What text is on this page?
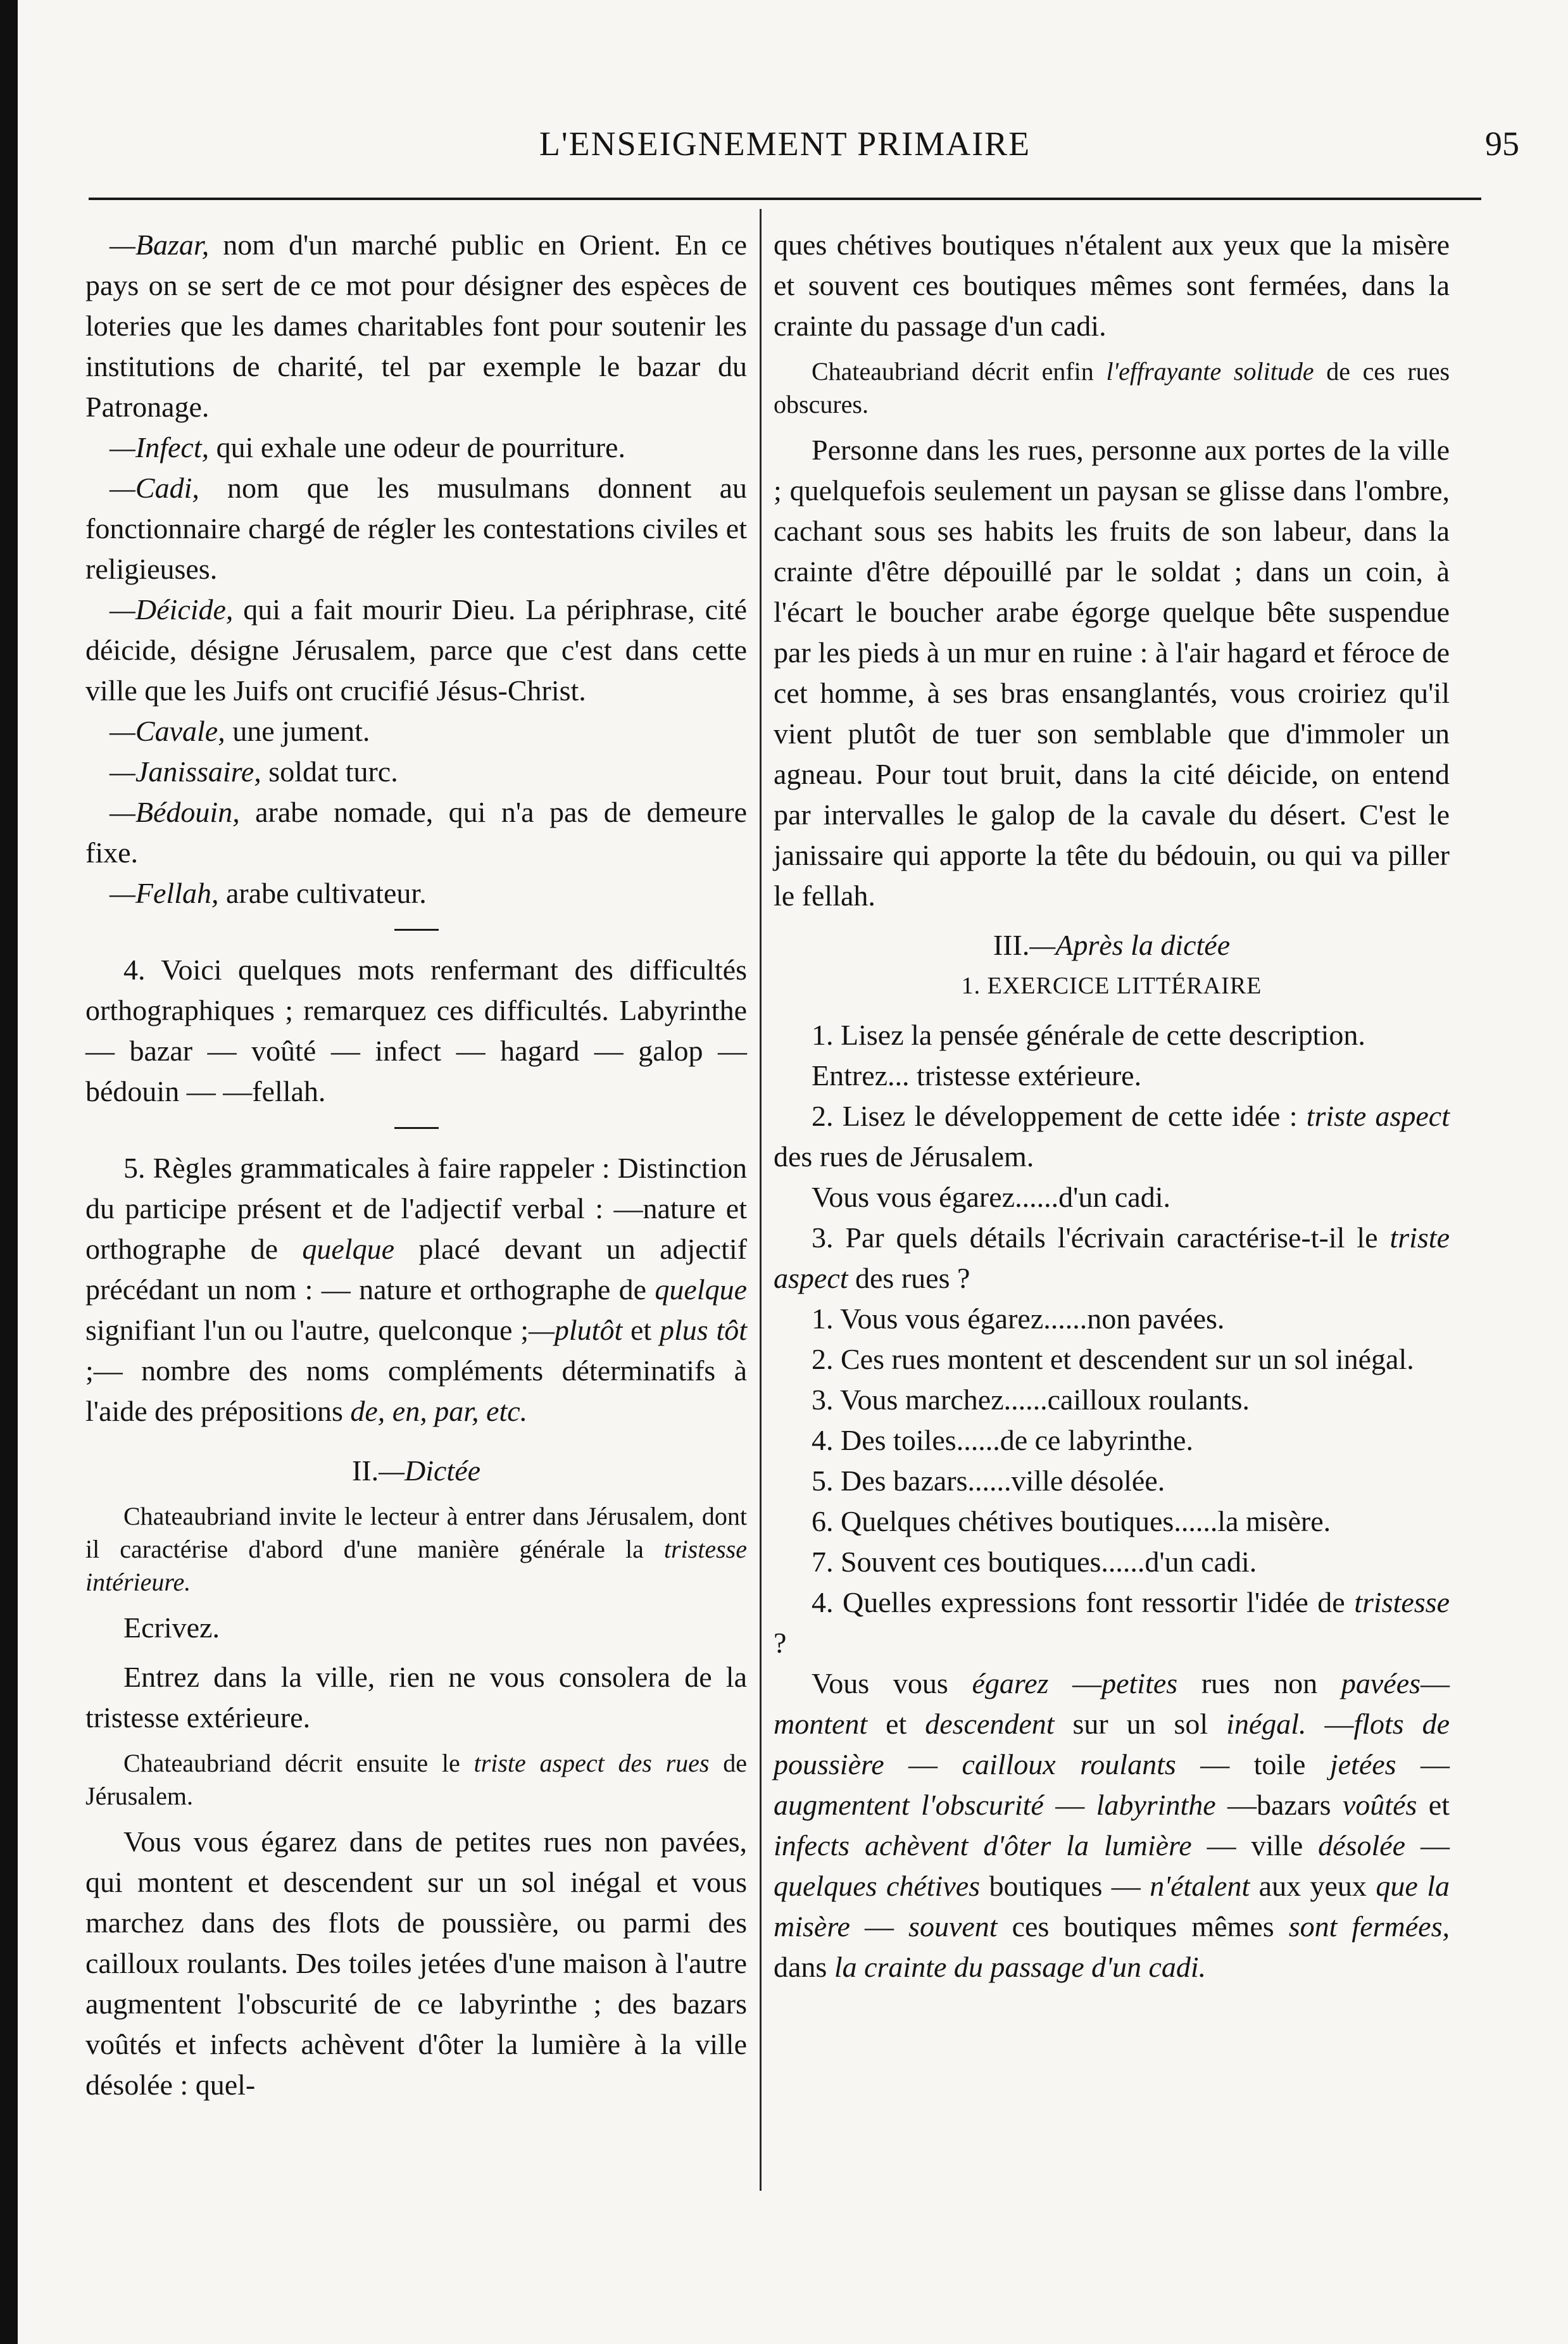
L'ENSEIGNEMENT PRIMAIRE	95

—Bazar, nom d'un marché public en Orient. En ce pays on se sert de ce mot pour désigner des espèces de loteries que les dames charitables font pour soutenir les institutions de charité, tel par exemple le bazar du Patronage.

—Infect, qui exhale une odeur de pourriture.

—Cadi, nom que les musulmans donnent au fonctionnaire chargé de régler les contestations civiles et religieuses.

—Déicide, qui a fait mourir Dieu. La périphrase, cité déicide, désigne Jérusalem, parce que c'est dans cette ville que les Juifs ont crucifié Jésus-Christ.

—Cavale, une jument.

—Janissaire, soldat turc.

—Bédouin, arabe nomade, qui n'a pas de demeure fixe.

—Fellah, arabe cultivateur.

4. Voici quelques mots renfermant des difficultés orthographiques ; remarquez ces difficultés. Labyrinthe — bazar — voûté — infect — hagard — galop — bédouin — —fellah.

5. Règles grammaticales à faire rappeler : Distinction du participe présent et de l'adjectif verbal : —nature et orthographe de quelque placé devant un adjectif précédant un nom : — nature et orthographe de quelque signifiant l'un ou l'autre, quelconque ;—plutôt et plus tôt ;— nombre des noms compléments déterminatifs à l'aide des prépositions de, en, par, etc.

II.—Dictée

Chateaubriand invite le lecteur à entrer dans Jérusalem, dont il caractérise d'abord d'une manière générale la tristesse intérieure.

Ecrivez.

Entrez dans la ville, rien ne vous consolera de la tristesse extérieure.

Chateaubriand décrit ensuite le triste aspect des rues de Jérusalem.

Vous vous égarez dans de petites rues non pavées, qui montent et descendent sur un sol inégal et vous marchez dans des flots de poussière, ou parmi des cailloux roulants. Des toiles jetées d'une maison à l'autre augmentent l'obscurité de ce labyrinthe ; des bazars voûtés et infects achèvent d'ôter la lumière à la ville désolée : quel-

ques chétives boutiques n'étalent aux yeux que la misère et souvent ces boutiques mêmes sont fermées, dans la crainte du passage d'un cadi.

Chateaubriand décrit enfin l'effrayante solitude de ces rues obscures.

Personne dans les rues, personne aux portes de la ville ; quelquefois seulement un paysan se glisse dans l'ombre, cachant sous ses habits les fruits de son labeur, dans la crainte d'être dépouillé par le soldat ; dans un coin, à l'écart le boucher arabe égorge quelque bête suspendue par les pieds à un mur en ruine : à l'air hagard et féroce de cet homme, à ses bras ensanglantés, vous croiriez qu'il vient plutôt de tuer son semblable que d'immoler un agneau. Pour tout bruit, dans la cité déicide, on entend par intervalles le galop de la cavale du désert. C'est le janissaire qui apporte la tête du bédouin, ou qui va piller le fellah.

III.—Après la dictée

1. EXERCICE LITTÉRAIRE

1. Lisez la pensée générale de cette description.

Entrez... tristesse extérieure.

2. Lisez le développement de cette idée : triste aspect des rues de Jérusalem.

Vous vous égarez......d'un cadi.

3. Par quels détails l'écrivain caractérise-t-il le triste aspect des rues ?

1. Vous vous égarez......non pavées.

2. Ces rues montent et descendent sur un sol inégal.

3. Vous marchez......cailloux roulants.

4. Des toiles......de ce labyrinthe.

5. Des bazars......ville désolée.

6. Quelques chétives boutiques......la misère.

7. Souvent ces boutiques......d'un cadi.

4. Quelles expressions font ressortir l'idée de tristesse ?

Vous vous égarez —petites rues non pavées— montent et descendent sur un sol inégal. —flots de poussière — cailloux roulants — toile jetées — augmentent l'obscurité — labyrinthe —bazars voûtés et infects achèvent d'ôter la lumière — ville désolée — quelques chétives boutiques — n'étalent aux yeux que la misère — souvent ces boutiques mêmes sont fermées, dans la crainte du passage d'un cadi.
